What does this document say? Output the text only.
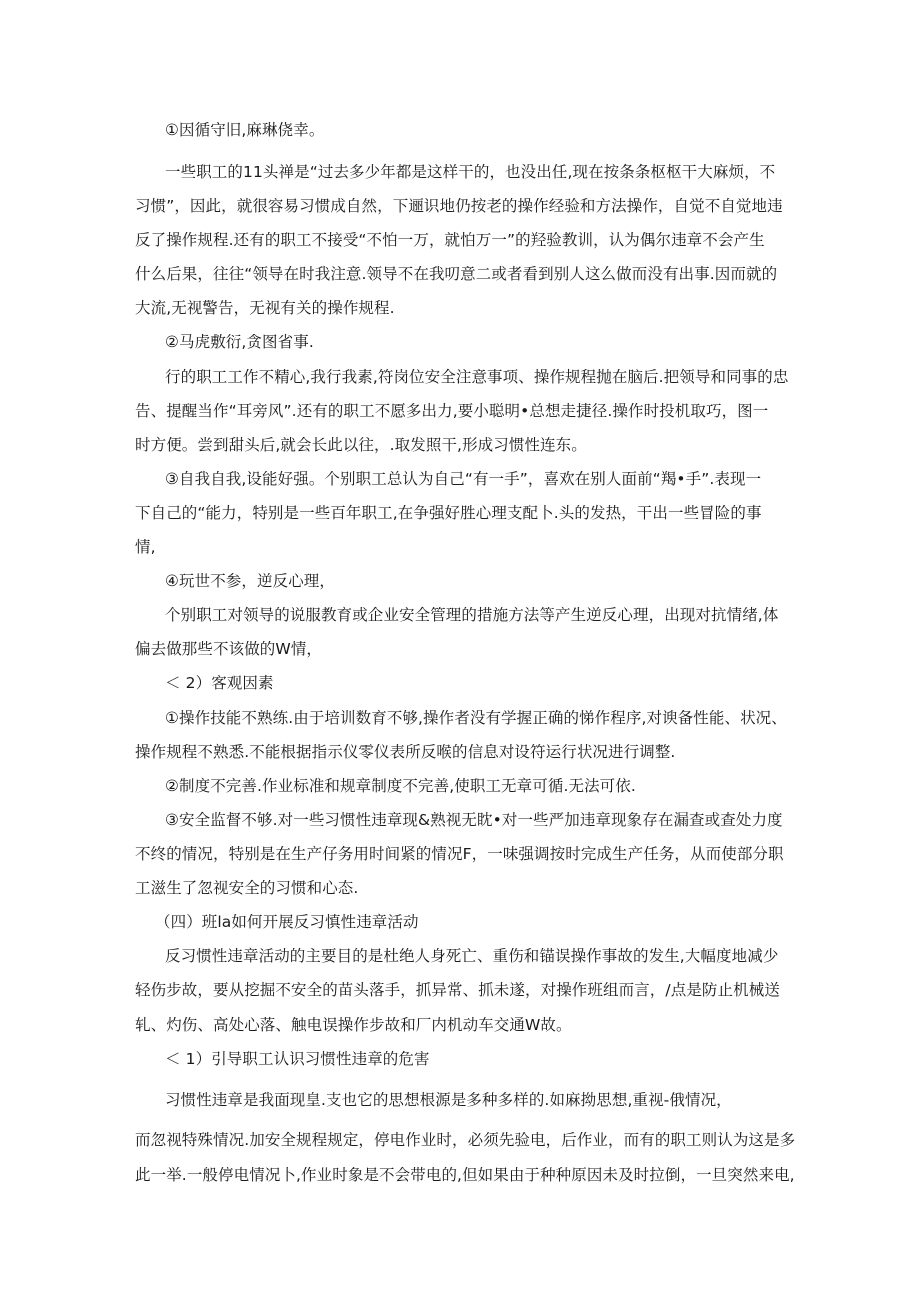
①因循守旧,麻琳侥幸。

一些职工的11头禅是“过去多少年都是这样干的，也没出任,现在按条条枢枢干大麻烦，不

习惯”，因此，就很容易习惯成自然，下逦识地仍按老的操作经验和方法操作，自觉不自觉地违

反了操作规程.还有的职工不接受“不怕一万，就怕万一”的羟验教训，认为偶尔违章不会产生

什么后果，往往“领导在时我注意.领导不在我叨意二或者看到别人这么做而没有出事.因而就的

大流,无视警告，无视有关的操作规程.

②马虎敷衍,贪图省事.

行的职工工作不精心,我行我素,符岗位安全注意事项、操作规程抛在脑后.把领导和同事的忠

告、提醒当作“耳旁风”.还有的职工不愿多出力,要小聪明•总想走捷径.操作时投机取巧，图一

时方便。尝到甜头后,就会长此以往，.取发照干,形成习惯性连东。

③自我自我,设能好强。个别职工总认为自己“有一手”，喜欢在别人面前“羯•手”.表现一

下自己的“能力，特别是一些百年职工,在争强好胜心理支配卜.头的发热，干出一些冒险的事

情,

④玩世不参，逆反心理，

个别职工对领导的说服教育或企业安全管理的措施方法等产生逆反心理，出现对抗情绪,体

偏去做那些不该做的W情，

＜ 2）客观因素

①操作技能不熟练.由于培训数育不够,操作者没有学握正确的悌作程序,对谀备性能、状况、

操作规程不熟悉.不能根据指示仪零仪表所反喉的信息对设符运行状况进行调整.

②制度不完善.作业标准和规章制度不完善,使职工无章可循.无法可依.

③安全监督不够.对一些习惯性违章现&熟视无眈•对一些严加违章现象存在漏查或查处力度

不终的情况，特别是在生产仔务用时间紧的情况F，一味强调按时完成生产任务，从而使部分职

工滋生了忽视安全的习惯和心态.

（四）班la如何开展反习慎性违章活动

反习惯性违章活动的主要目的是杜绝人身死亡、重伤和锚误操作事故的发生,大幅度地减少

轻伤步故，要从挖掘不安全的苗头落手，抓异常、抓未遂，对操作班组而言，/点是防止机械送

轧、灼伤、高处心落、触电误操作步故和厂内机动车交通W故。

＜ 1）引导职工认识习惯性违章的危害

习惯性违章是我面现皇.支也它的思想根源是多种多样的.如麻拗思想,重视-俄情况，

而忽视特殊情况.加安全规程规定，停电作业时，必须先验电，后作业，而有的职工则认为这是多

此一举.一般停电情况卜,作业时象是不会带电的,但如果由于种种原因未及时拉倒，一旦突然来电,
